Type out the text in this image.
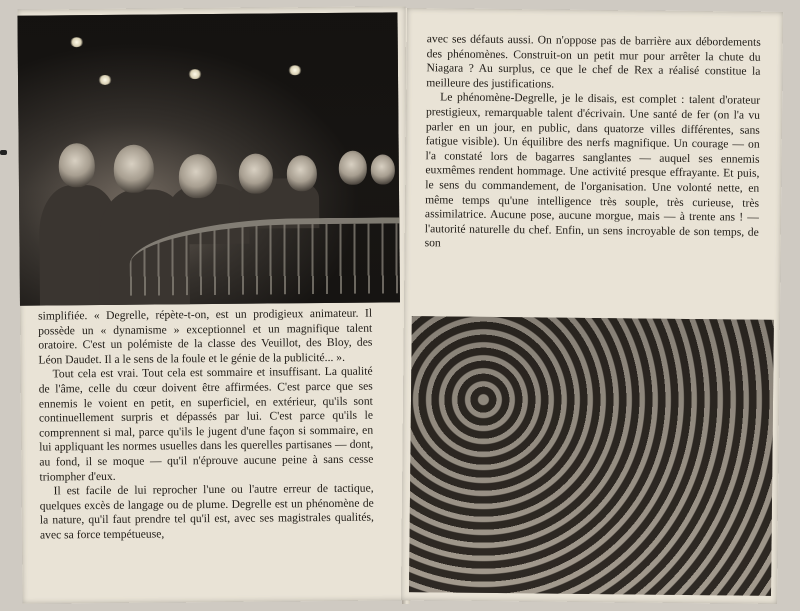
simplifiée. « Degrelle, répète-t-on, est un prodigieux animateur. Il possède un « dynamisme » exceptionnel et un magnifique talent oratoire. C'est un polémiste de la classe des Veuillot, des Bloy, des Léon Daudet. Il a le sens de la foule et le génie de la publicité... ».

Tout cela est vrai. Tout cela est sommaire et insuffisant. La qualité de l'âme, celle du cœur doivent être affirmées. C'est parce que ses ennemis le voient en petit, en superficiel, en extérieur, qu'ils sont continuellement surpris et dépassés par lui. C'est parce qu'ils le comprennent si mal, parce qu'ils le jugent d'une façon si sommaire, en lui appliquant les normes usuelles dans les querelles partisanes — dont, au fond, il se moque — qu'il n'éprouve aucune peine à sans cesse triompher d'eux.

Il est facile de lui reprocher l'une ou l'autre erreur de tactique, quelques excès de langage ou de plume. Degrelle est un phénomène de la nature, qu'il faut prendre tel qu'il est, avec ses magistrales qualités, avec sa force tempétueuse,

avec ses défauts aussi. On n'oppose pas de barrière aux débordements des phénomènes. Construit-on un petit mur pour arrêter la chute du Niagara ? Au surplus, ce que le chef de Rex a réalisé constitue la meilleure des justifications.

Le phénomène-Degrelle, je le disais, est complet : talent d'orateur prestigieux, remarquable talent d'écrivain. Une santé de fer (on l'a vu parler en un jour, en public, dans quatorze villes différentes, sans fatigue visible). Un équilibre des nerfs magnifique. Un courage — on l'a constaté lors de bagarres sanglantes — auquel ses ennemis euxmêmes rendent hommage. Une activité presque effrayante. Et puis, le sens du commandement, de l'organisation. Une volonté nette, en même temps qu'une intelligence très souple, très curieuse, très assimilatrice. Aucune pose, aucune morgue, mais — à trente ans ! — l'autorité naturelle du chef. Enfin, un sens incroyable de son temps, de son
